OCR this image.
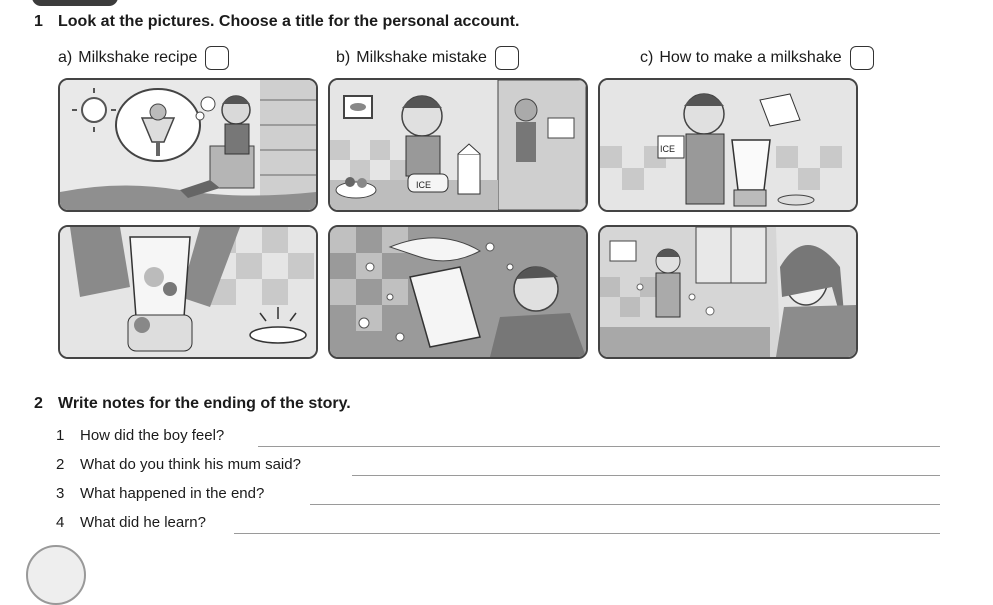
1 Look at the pictures. Choose a title for the personal account.
a) Milkshake recipe	b) Milkshake mistake	c) How to make a milkshake
ICE
ICE
2 Write notes for the ending of the story.
1	How did the boy feel?
2	What do you think his mum said?
3	What happened in the end?
4	What did he learn?
